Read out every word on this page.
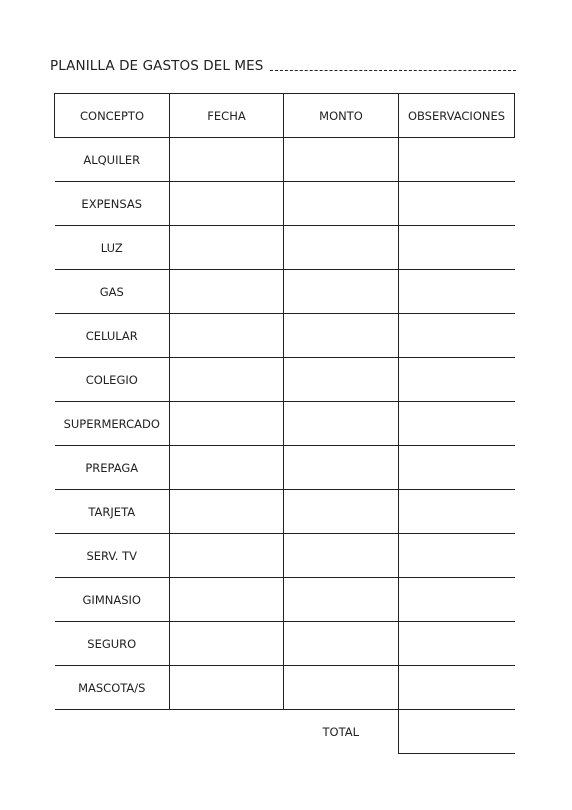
PLANILLA DE GASTOS DEL MES
CONCEPTO	FECHA	MONTO	OBSERVACIONES
ALQUILER			
EXPENSAS			
LUZ			
GAS			
CELULAR			
COLEGIO			
SUPERMERCADO			
PREPAGA			
TARJETA			
SERV. TV			
GIMNASIO			
SEGURO			
MASCOTA/S			
		TOTAL	
